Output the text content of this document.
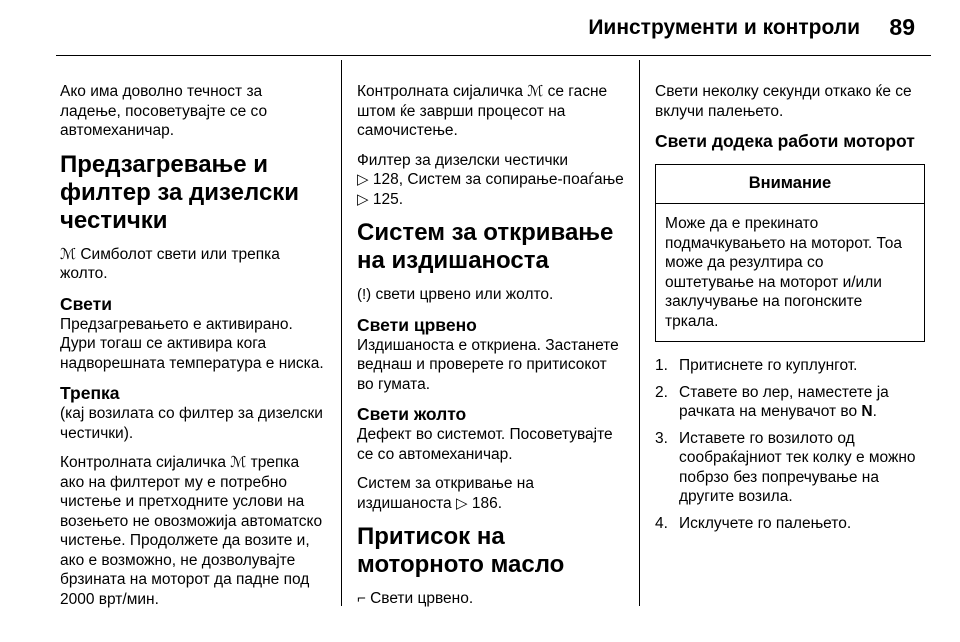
Иинструменти и контроли 89

Ако има доволно течност за ладење, посоветувајте се со автомеханичар.

Предзагревање и филтер за дизелски честички

ℳ Симболот свети или трепка жолто.

Свети

Предзагревањето е активирано. Дури тогаш се активира кога надворешната температура е ниска.

Трепка

(кај возилата со филтер за дизелски честички).

Контролната сијаличка ℳ трепка ако на филтерот му е потребно чистење и претходните услови на возењето не овозможија автоматско чистење. Продолжете да возите и, ако е возможно, не дозволувајте брзината на моторот да падне под 2000 врт/мин.

Контролната сијаличка ℳ се гасне штом ќе заврши процесот на самочистење.

Филтер за дизелски честички
▷ 128, Систем за сопирање-поаѓање ▷ 125.

Систем за откривање на издишаноста

(!) свети црвено или жолто.

Свети црвено

Издишаноста е откриена. Застанете веднаш и проверете го притисокот во гумата.

Свети жолто

Дефект во системот. Посоветувајте се со автомеханичар.

Систем за откривање на издишаноста ▷ 186.

Притисок на моторното масло

⌐ Свети црвено.

Свети неколку секунди откако ќе се вклучи палењето.

Свети додека работи моторот
Внимание
Може да е прекинато подмачкувањето на моторот. Тоа може да резултира со оштетување на моторот и/или заклучување на погонските тркала.
1. Притиснете го куплунгот.
2. Ставете во лер, наместете ја рачката на менувачот во N.
3. Иставете го возилото од сообраќајниот тек колку е можно побрзо без попречување на другите возила.
4. Исклучете го палењето.
